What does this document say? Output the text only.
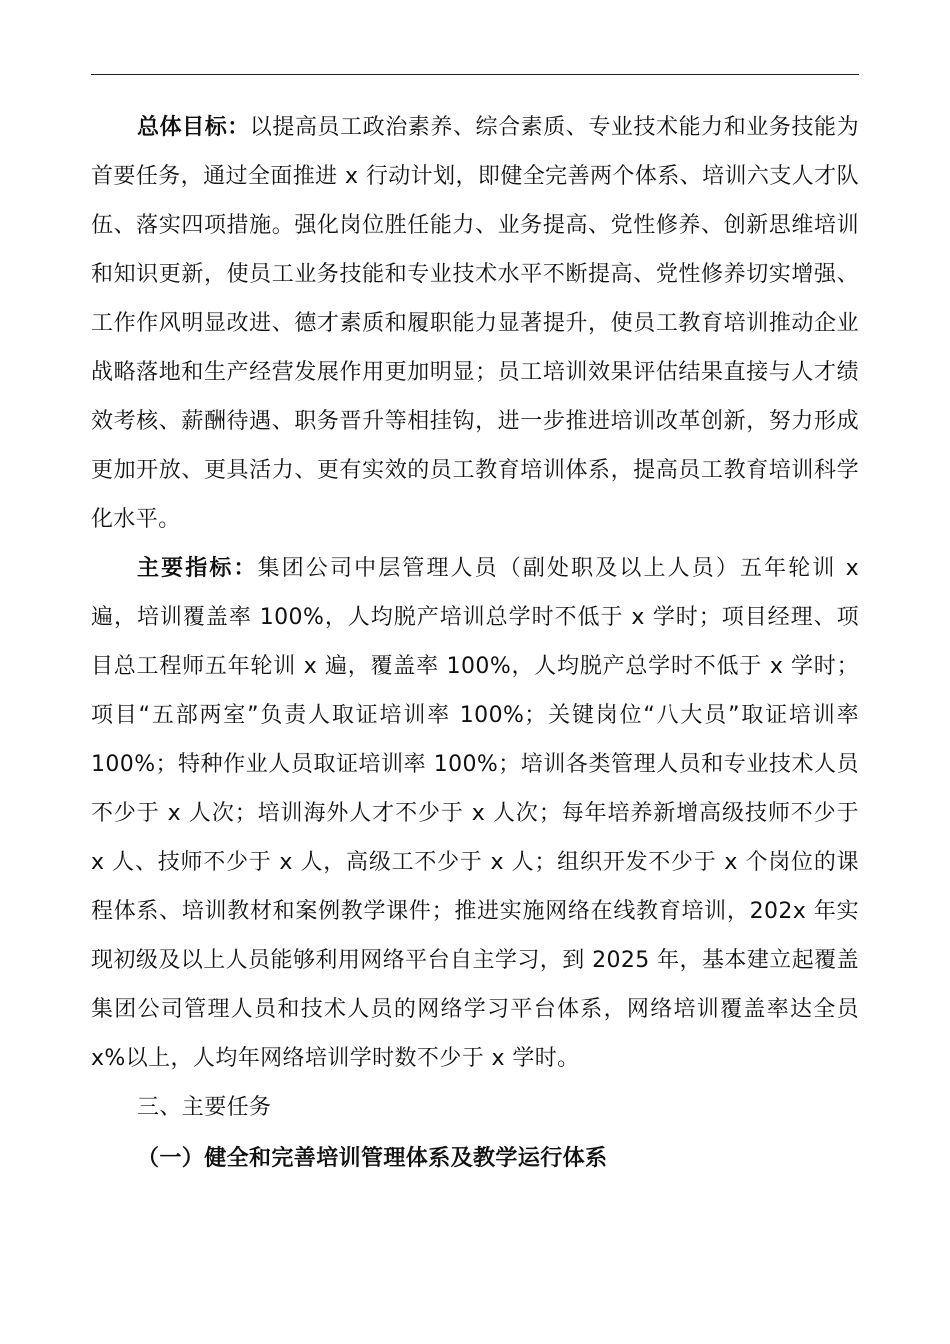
总体目标：以提高员工政治素养、综合素质、专业技术能力和业务技能为首要任务，通过全面推进 x 行动计划，即健全完善两个体系、培训六支人才队伍、落实四项措施。强化岗位胜任能力、业务提高、党性修养、创新思维培训和知识更新，使员工业务技能和专业技术水平不断提高、党性修养切实增强、工作作风明显改进、德才素质和履职能力显著提升，使员工教育培训推动企业战略落地和生产经营发展作用更加明显；员工培训效果评估结果直接与人才绩效考核、薪酬待遇、职务晋升等相挂钩，进一步推进培训改革创新，努力形成更加开放、更具活力、更有实效的员工教育培训体系，提高员工教育培训科学化水平。

主要指标：集团公司中层管理人员（副处职及以上人员）五年轮训 x 遍，培训覆盖率 100%，人均脱产培训总学时不低于 x 学时；项目经理、项目总工程师五年轮训 x 遍，覆盖率 100%，人均脱产总学时不低于 x 学时；项目“五部两室”负责人取证培训率 100%；关键岗位“八大员”取证培训率 100%；特种作业人员取证培训率 100%；培训各类管理人员和专业技术人员不少于 x 人次；培训海外人才不少于 x 人次；每年培养新增高级技师不少于 x 人、技师不少于 x 人，高级工不少于 x 人；组织开发不少于 x 个岗位的课程体系、培训教材和案例教学课件；推进实施网络在线教育培训，202x 年实现初级及以上人员能够利用网络平台自主学习，到 2025 年，基本建立起覆盖集团公司管理人员和技术人员的网络学习平台体系，网络培训覆盖率达全员 x%以上，人均年网络培训学时数不少于 x 学时。

三、主要任务

（一）健全和完善培训管理体系及教学运行体系
